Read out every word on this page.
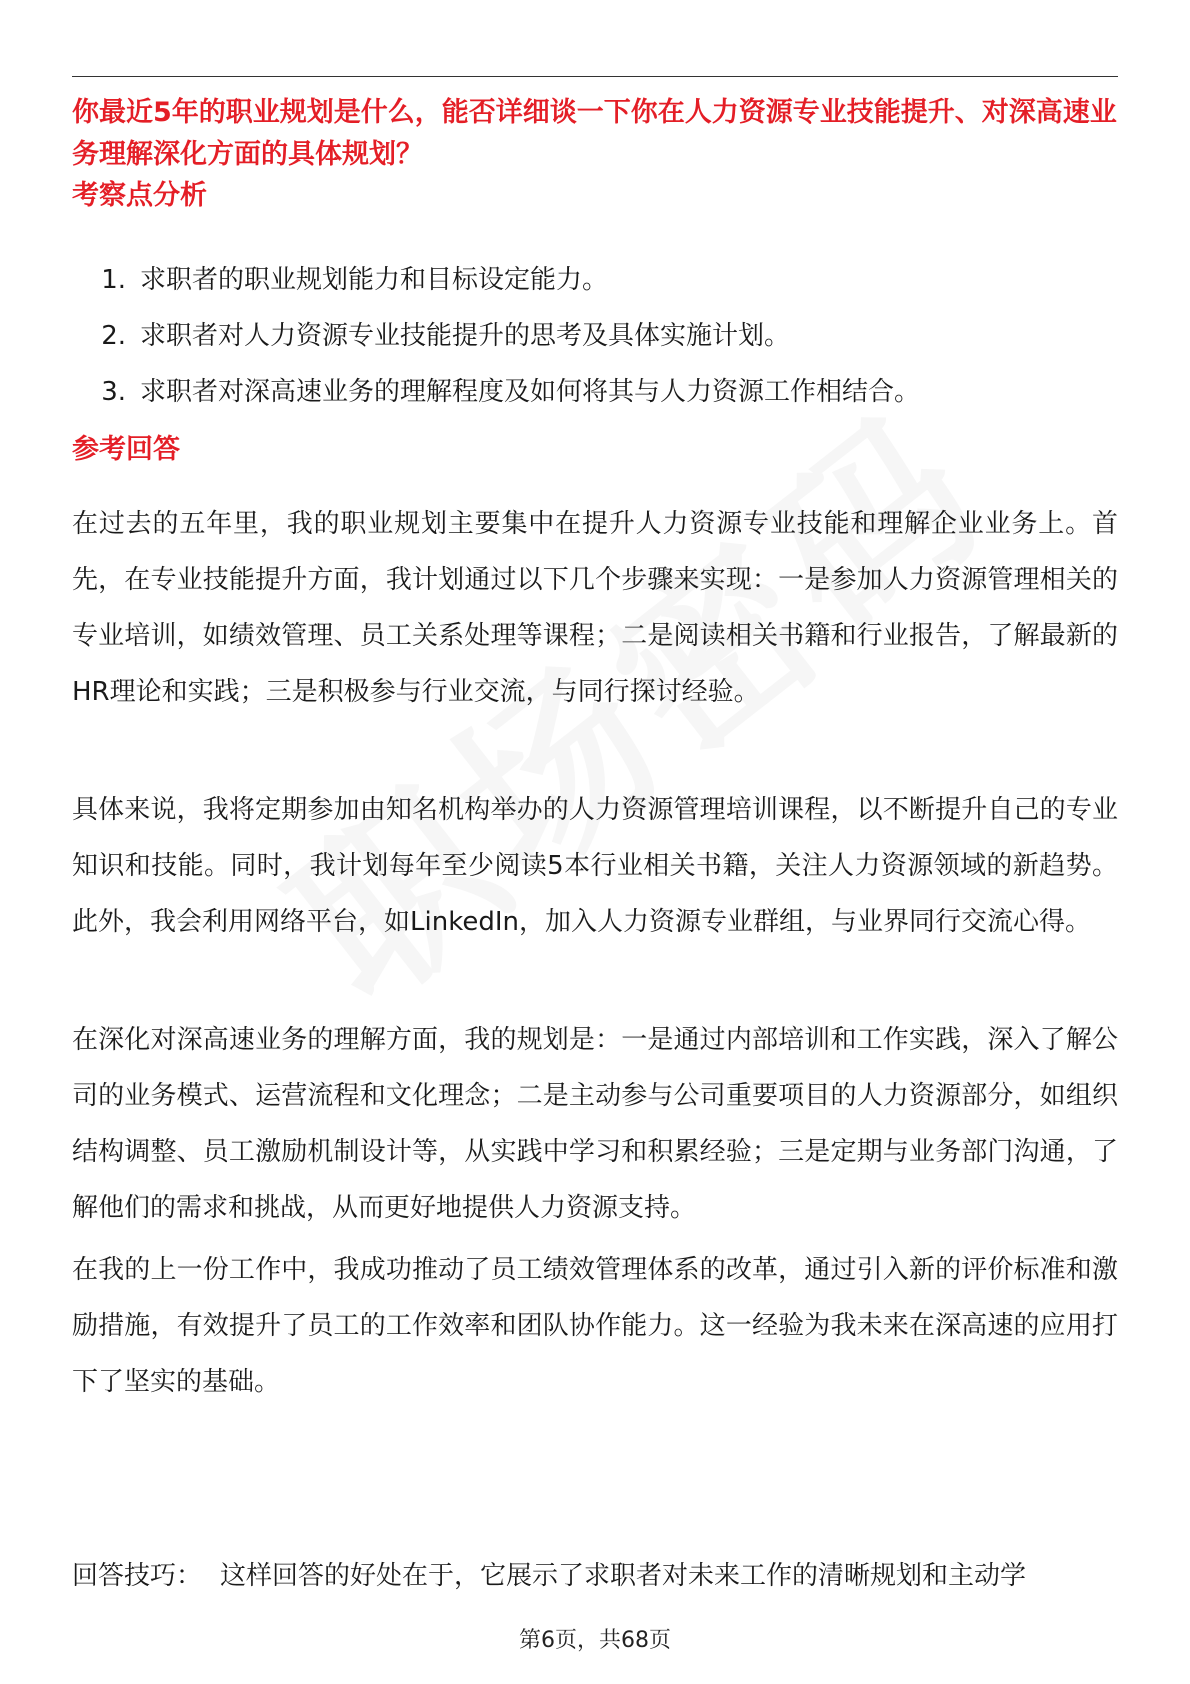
你最近5年的职业规划是什么，能否详细谈一下你在人力资源专业技能提升、对深高速业务理解深化方面的具体规划？

考察点分析

1. 求职者的职业规划能力和目标设定能力。
2. 求职者对人力资源专业技能提升的思考及具体实施计划。
3. 求职者对深高速业务的理解程度及如何将其与人力资源工作相结合。

参考回答

在过去的五年里，我的职业规划主要集中在提升人力资源专业技能和理解企业业务上。首先，在专业技能提升方面，我计划通过以下几个步骤来实现：一是参加人力资源管理相关的专业培训，如绩效管理、员工关系处理等课程；二是阅读相关书籍和行业报告，了解最新的HR理论和实践；三是积极参与行业交流，与同行探讨经验。

具体来说，我将定期参加由知名机构举办的人力资源管理培训课程，以不断提升自己的专业知识和技能。同时，我计划每年至少阅读5本行业相关书籍，关注人力资源领域的新趋势。此外，我会利用网络平台，如LinkedIn，加入人力资源专业群组，与业界同行交流心得。

在深化对深高速业务的理解方面，我的规划是：一是通过内部培训和工作实践，深入了解公司的业务模式、运营流程和文化理念；二是主动参与公司重要项目的人力资源部分，如组织结构调整、员工激励机制设计等，从实践中学习和积累经验；三是定期与业务部门沟通，了解他们的需求和挑战，从而更好地提供人力资源支持。

在我的上一份工作中，我成功推动了员工绩效管理体系的改革，通过引入新的评价标准和激励措施，有效提升了员工的工作效率和团队协作能力。这一经验为我未来在深高速的应用打下了坚实的基础。

回答技巧： 这样回答的好处在于，它展示了求职者对未来工作的清晰规划和主动学

第6页，共68页
